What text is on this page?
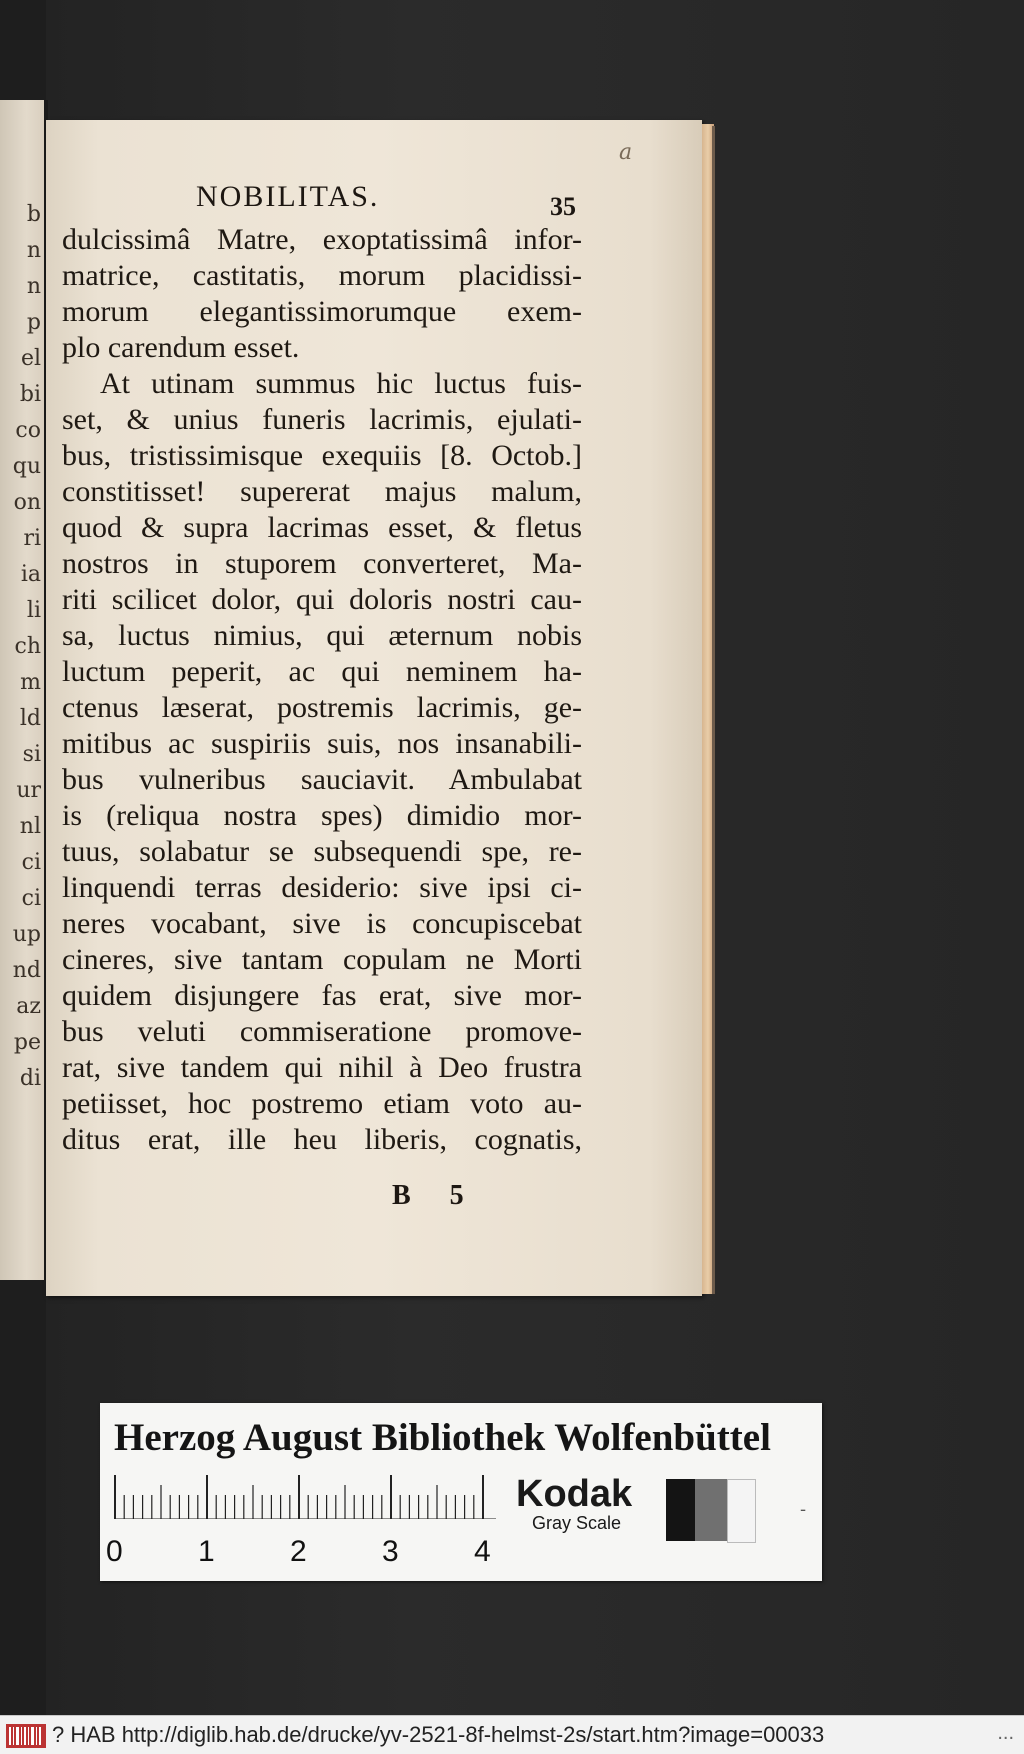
b
n
n
p
el
bi
co
qu
on
ri
ia
li
ch
m
ld
si
ur
nl
ci
ci
up
nd
az
pe
di
a
NOBILITAS.	35
dulcissimâ Matre, exoptatissimâ infor-
matrice, castitatis, morum placidissi-
morum elegantissimorumque exem-
plo carendum esset.
At utinam summus hic luctus fuis-
set, & unius funeris lacrimis, ejulati-
bus, tristissimisque exequiis [8. Octob.]
constitisset! supererat majus malum,
quod & supra lacrimas esset, & fletus
nostros in stuporem converteret, Ma-
riti scilicet dolor, qui doloris nostri cau-
sa, luctus nimius, qui æternum nobis
luctum peperit, ac qui neminem ha-
ctenus læserat, postremis lacrimis, ge-
mitibus ac suspiriis suis, nos insanabili-
bus vulneribus sauciavit. Ambulabat
is (reliqua nostra spes) dimidio mor-
tuus, solabatur se subsequendi spe, re-
linquendi terras desiderio: sive ipsi ci-
neres vocabant, sive is concupiscebat
cineres, sive tantam copulam ne Morti
quidem disjungere fas erat, sive mor-
bus veluti commiseratione promove-
rat, sive tandem qui nihil à Deo frustra
petiisset, hoc postremo etiam voto au-
ditus erat, ille heu liberis, cognatis,
B 5
Herzog August Bibliothek Wolfenbüttel
0	1	2	3	4
Kodak
Gray Scale
-
? HAB http://diglib.hab.de/drucke/yv-2521-8f-helmst-2s/start.htm?image=00033	...
